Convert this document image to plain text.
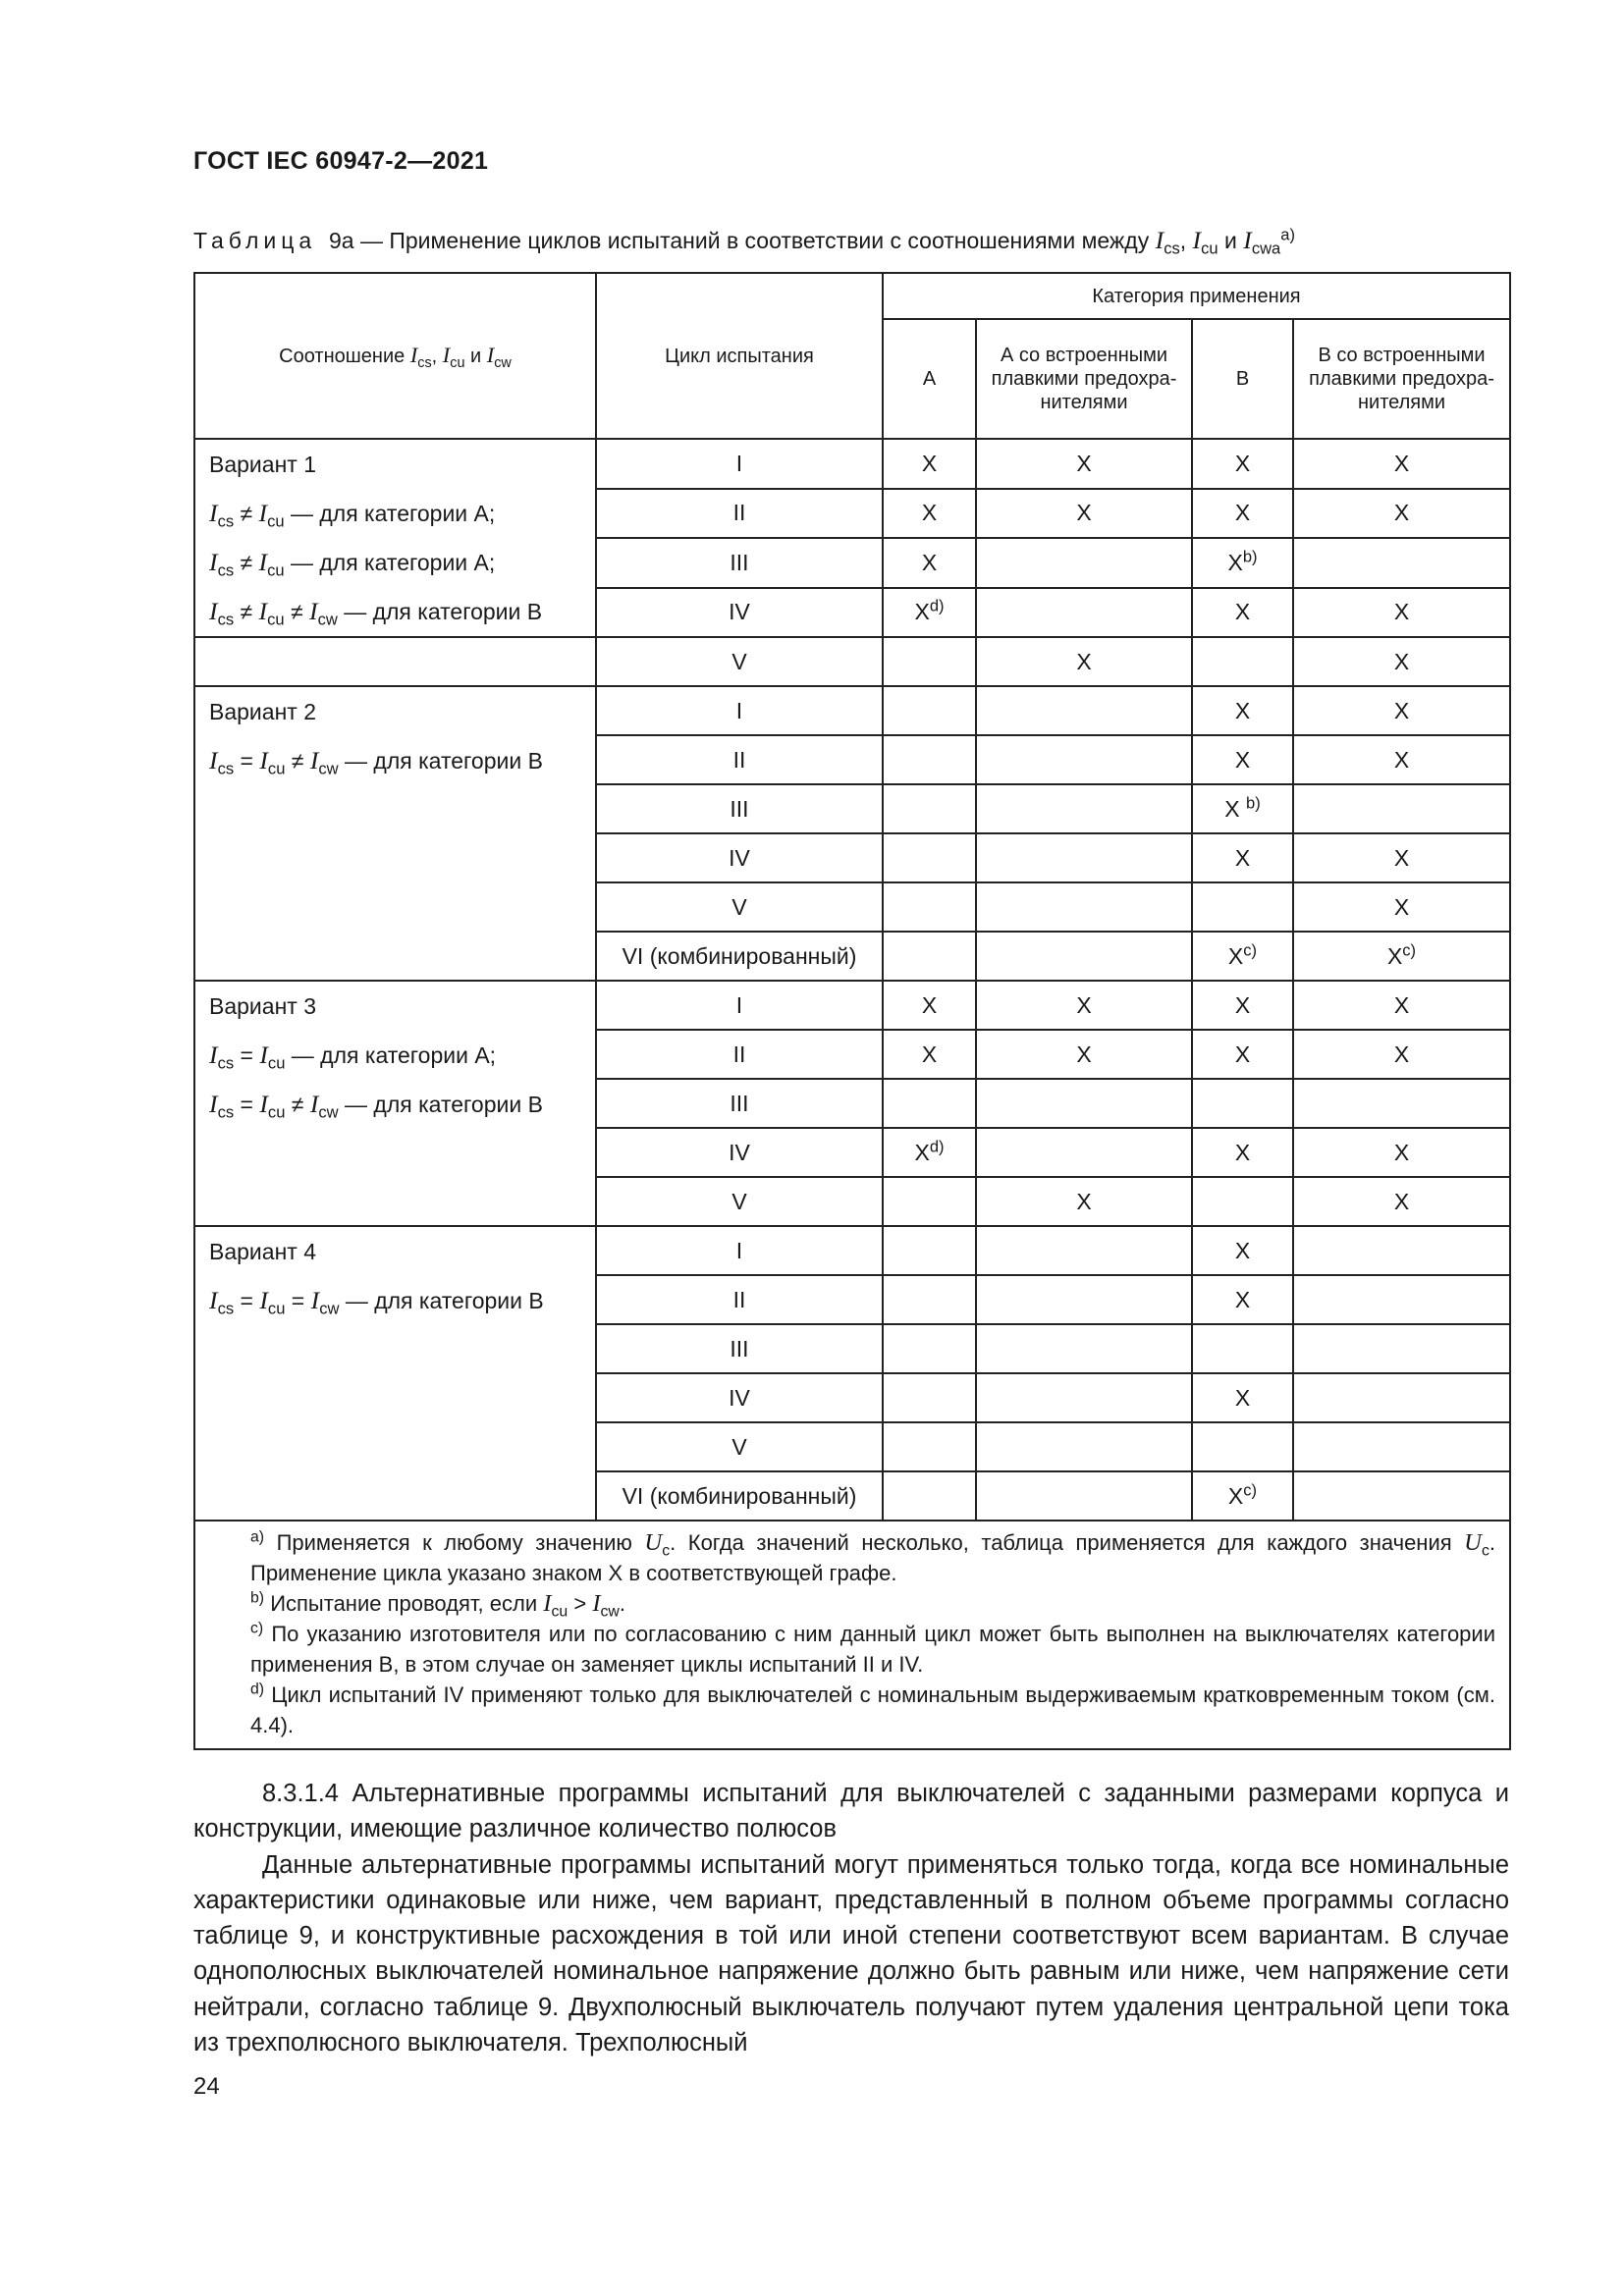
ГОСТ IEC 60947-2—2021
Таблица 9а — Применение циклов испытаний в соответствии с соотношениями между $I_{cs}$, $I_{cu}$ и $I_{cwa}^{a)}$
Соотношение $I_{cs}$, $I_{cu}$ и $I_{cw}$	Цикл испытания	Категория применения			
		А	А со встроенными плавкими предохранителями	В	В со встроенными плавкими предохранителями

Вариант 1
$I_{cs} \ne I_{cu}$ — для категории А;
$I_{cs} \ne I_{cu}$ — для категории А;
$I_{cs} \ne I_{cu} \ne I_{cw}$ — для категории В	I	X	X	X	X
	II	X	X	X	X
	III	X		$X^{b)}$	
	IV	$X^{d)}$		X	X
	V		X		X

Вариант 2
$I_{cs} = I_{cu} \ne I_{cw}$ — для категории В	I			X	X
	II			X	X
	III			X $^{b)}$	
	IV			X	X
	V				X
	VI (комбинированный)			$X^{c)}$	$X^{c)}$

Вариант 3
$I_{cs} = I_{cu}$ — для категории А;
$I_{cs} = I_{cu} \ne I_{cw}$ — для категории В	I	X	X	X	X
	II	X	X	X	X
	III				
	IV	$X^{d)}$		X	X
	V		X		X

Вариант 4
$I_{cs} = I_{cu} = I_{cw}$ — для категории В	I			X	
	II			X	
	III				
	IV			X	
	V				
	VI (комбинированный)			$X^{c)}$	

$^{a)}$ Применяется к любому значению $U_c$. Когда значений несколько, таблица применяется для каждого значения $U_c$. Применение цикла указано знаком X в соответствующей графе.

$^{b)}$ Испытание проводят, если $I_{cu} > I_{cw}$.

$^{c)}$ По указанию изготовителя или по согласованию с ним данный цикл может быть выполнен на выключателях категории применения В, в этом случае он заменяет циклы испытаний II и IV.

$^{d)}$ Цикл испытаний IV применяют только для выключателей с номинальным выдерживаемым кратковременным током (см. 4.4).					

8.3.1.4 Альтернативные программы испытаний для выключателей с заданными размерами корпуса и конструкции, имеющие различное количество полюсов

Данные альтернативные программы испытаний могут применяться только тогда, когда все номинальные характеристики одинаковые или ниже, чем вариант, представленный в полном объеме программы согласно таблице 9, и конструктивные расхождения в той или иной степени соответствуют всем вариантам. В случае однополюсных выключателей номинальное напряжение должно быть равным или ниже, чем напряжение сети нейтрали, согласно таблице 9. Двухполюсный выключатель получают путем удаления центральной цепи тока из трехполюсного выключателя. Трехполюсный

24
